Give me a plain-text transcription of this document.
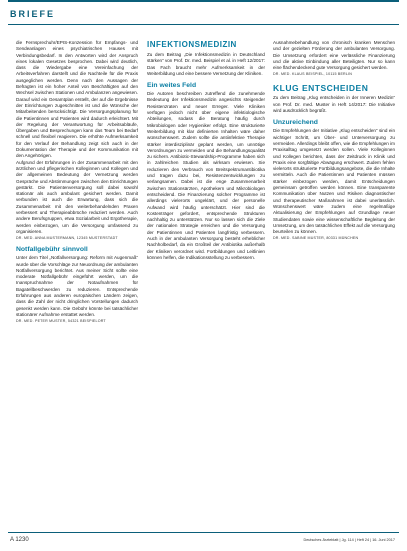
BRIEFE

die Fernsprechuhr/EPIS-Konzession für Empfangs- und Sendeanlagen eines psychiatrischen Hauses mit Verbindungsbedarf. In den Antworten wird der Anspruch eines lokalen Gesetzes besprochen. Dabei wird deutlich, dass die Wiedergabe eine Vereinfachung der Arbeitsverfahren darstellt und die Nachteile für die Praxis ausgeglichen werden. Denn nach den Aussagen der Befragten ist ein hoher Anteil von Beschäftigten auf den Wechsel zwischen Stationen und Ambulanzen angewiesen. Darauf wird ein Gesamtplan erstellt, der auf die Ergebnisse der Einrichtungen zugeschnitten ist und die Wünsche der Mitarbeitenden berücksichtigt. Die Versorgungsplanung für die Patientinnen und Patienten wird dadurch erleichtert. Mit der Regelung der Verantwortung für Arbeitsabläufe, Übergaben und Besprechungen kann das Team bei Bedarf schnell und flexibel reagieren. Die erhöhte Aufmerksamkeit für den Verlauf der Behandlung zeigt sich auch in der Dokumentation der Therapie und der Kommunikation mit den Angehörigen.

Aufgrund der Erfahrungen in der Zusammenarbeit mit den ärztlichen und pflegerischen Kolleginnen und Kollegen und der allgemeinen Bedeutung der Vernetzung werden Gespräche und Abstimmungen zwischen den Einrichtungen gestärkt. Die Patientenversorgung soll dabei sowohl stationär als auch ambulant gesichert werden. Damit verbunden ist auch die Erwartung, dass sich die Zusammenarbeit mit den weiterbehandelnden Praxen verbessert und Therapieabbrüche reduziert werden. Auch andere Berufsgruppen, etwa Sozialarbeit und Ergotherapie, werden einbezogen, um die Versorgung umfassend zu organisieren.

DR. MED. ANNA MUSTERMANN, 12345 MUSTERSTADT

Notfallgebühr sinnvoll

Unter dem Titel „Notfallversorgung: Reform mit Augenmaß“ wurde über die Vorschläge zur Neuordnung der ambulanten Notfallversorgung berichtet. Aus meiner Sicht sollte eine moderate Notfallgebühr eingeführt werden, um die Inanspruchnahme der Notaufnahmen für Bagatellbeschwerden zu reduzieren. Entsprechende Erfahrungen aus anderen europäischen Ländern zeigen, dass die Zahl der nicht dringlichen Vorstellungen dadurch gesenkt werden kann. Die Gebühr könnte bei tatsächlicher stationärer Aufnahme erstattet werden.

DR. MED. PETER MUSTER, 54321 BEISPIELORT

INFEKTIONSMEDIZIN

Zu dem Beitrag „Die Infektionsmedizin in Deutschland stärken“ von Prof. Dr. med. Beispiel et al. in Heft 12/2017: Das Fach braucht mehr Aufmerksamkeit in der Weiterbildung und eine bessere Vernetzung der Kliniken.

Ein weites Feld

Die Autoren beschreiben zutreffend die zunehmende Bedeutung der Infektionsmedizin angesichts steigender Resistenzraten und neuer Erreger. Viele Kliniken verfügen jedoch nicht über eigene infektiologische Abteilungen, sodass die Beratung häufig durch Mikrobiologen oder Hygieniker erfolgt. Eine strukturierte Weiterbildung mit klar definierten Inhalten wäre daher wünschenswert. Zudem sollte die antiinfektive Therapie stärker interdisziplinär geplant werden, um unnötige Verordnungen zu vermeiden und die Behandlungsqualität zu sichern. Antibiotic-Stewardship-Programme haben sich in zahlreichen Studien als wirksam erwiesen. Sie reduzieren den Verbrauch von Breitspektrumantibiotika und tragen dazu bei, Resistenzentwicklungen zu verlangsamen. Dabei ist die enge Zusammenarbeit zwischen Stationsärzten, Apothekern und Mikrobiologen entscheidend. Die Finanzierung solcher Programme ist allerdings vielerorts ungeklärt, und der personelle Aufwand wird häufig unterschätzt. Hier sind die Kostenträger gefordert, entsprechende Strukturen nachhaltig zu unterstützen. Nur so lassen sich die Ziele der nationalen Strategie erreichen und die Versorgung der Patientinnen und Patienten langfristig verbessern. Auch in der ambulanten Versorgung besteht erheblicher Nachholbedarf, da ein Großteil der Antibiotika außerhalb der Kliniken verordnet wird. Fortbildungen und Leitlinien können helfen, die Indikationsstellung zu verbessern.

Ausnahmebehandlung von chronisch kranken Menschen und der gezielten Förderung der ambulanten Versorgung. Die Umsetzung erfordert eine verlässliche Finanzierung und die aktive Einbindung aller Beteiligten. Nur so kann eine flächendeckend gute Versorgung gesichert werden.

DR. MED. KLAUS BEISPIEL, 10115 BERLIN

KLUG ENTSCHEIDEN

Zu dem Beitrag „Klug entscheiden in der Inneren Medizin“ von Prof. Dr. med. Muster in Heft 14/2017: Die Initiative wird ausdrücklich begrüßt.

Unzureichend

Die Empfehlungen der Initiative „Klug entscheiden“ sind ein wichtiger Schritt, um Über- und Unterversorgung zu vermeiden. Allerdings bleibt offen, wie die Empfehlungen im Praxisalltag umgesetzt werden sollen. Viele Kolleginnen und Kollegen berichten, dass der Zeitdruck in Klinik und Praxis eine sorgfältige Abwägung erschwert. Zudem fehlen vielerorts strukturierte Fortbildungsangebote, die die Inhalte vermitteln. Auch die Patientinnen und Patienten müssen stärker einbezogen werden, damit Entscheidungen gemeinsam getroffen werden können. Eine transparente Kommunikation über Nutzen und Risiken diagnostischer und therapeutischer Maßnahmen ist dabei unerlässlich. Wünschenswert wäre zudem eine regelmäßige Aktualisierung der Empfehlungen auf Grundlage neuer Studiendaten sowie eine wissenschaftliche Begleitung der Umsetzung, um den tatsächlichen Effekt auf die Versorgung beurteilen zu können.

DR. MED. SABINE MUSTER, 80331 MÜNCHEN

A 1230	Deutsches Ärzteblatt | Jg. 114 | Heft 24 | 16. Juni 2017
